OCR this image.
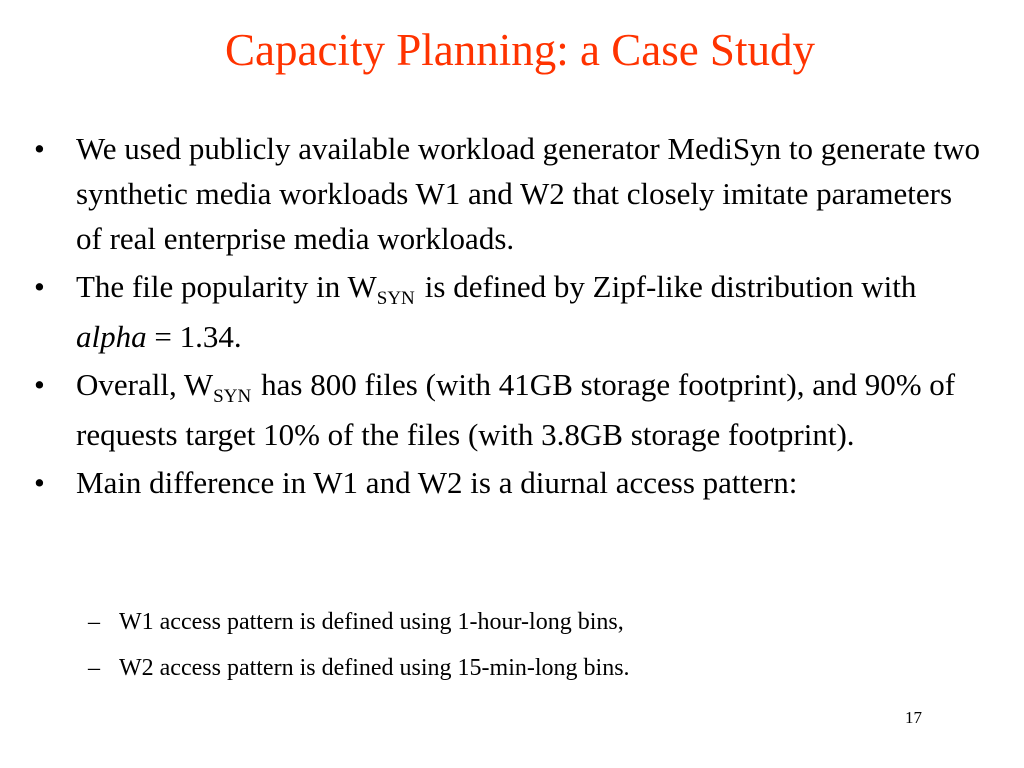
Capacity Planning: a Case Study
• We used publicly available workload generator MediSyn to generate two synthetic media workloads W1 and W2 that closely imitate parameters of real enterprise media workloads.
• The file popularity in $W_{SYN}$ is defined by Zipf-like distribution with alpha = 1.34.
• Overall, $W_{SYN}$ has 800 files (with 41GB storage footprint), and 90% of requests target 10% of the files (with 3.8GB storage footprint).
• Main difference in W1 and W2 is a diurnal access pattern:
– W1 access pattern is defined using 1-hour-long bins,
– W2 access pattern is defined using 15-min-long bins.
17
